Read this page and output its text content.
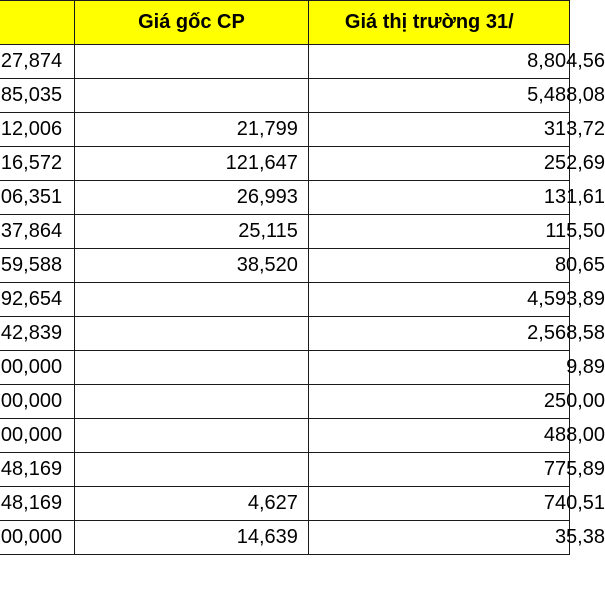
	Giá gốc CP	Giá thị trường 31/
27,874		8,804,56

85,035		5,488,08

12,006	21,799	313,72

16,572	121,647	252,69

06,351	26,993	131,61

37,864	25,115	115,50

59,588	38,520	80,65

92,654		4,593,89

42,839		2,568,58

00,000		9,89

00,000		250,00

00,000		488,00

48,169		775,89

48,169	4,627	740,51

00,000	14,639	35,38
